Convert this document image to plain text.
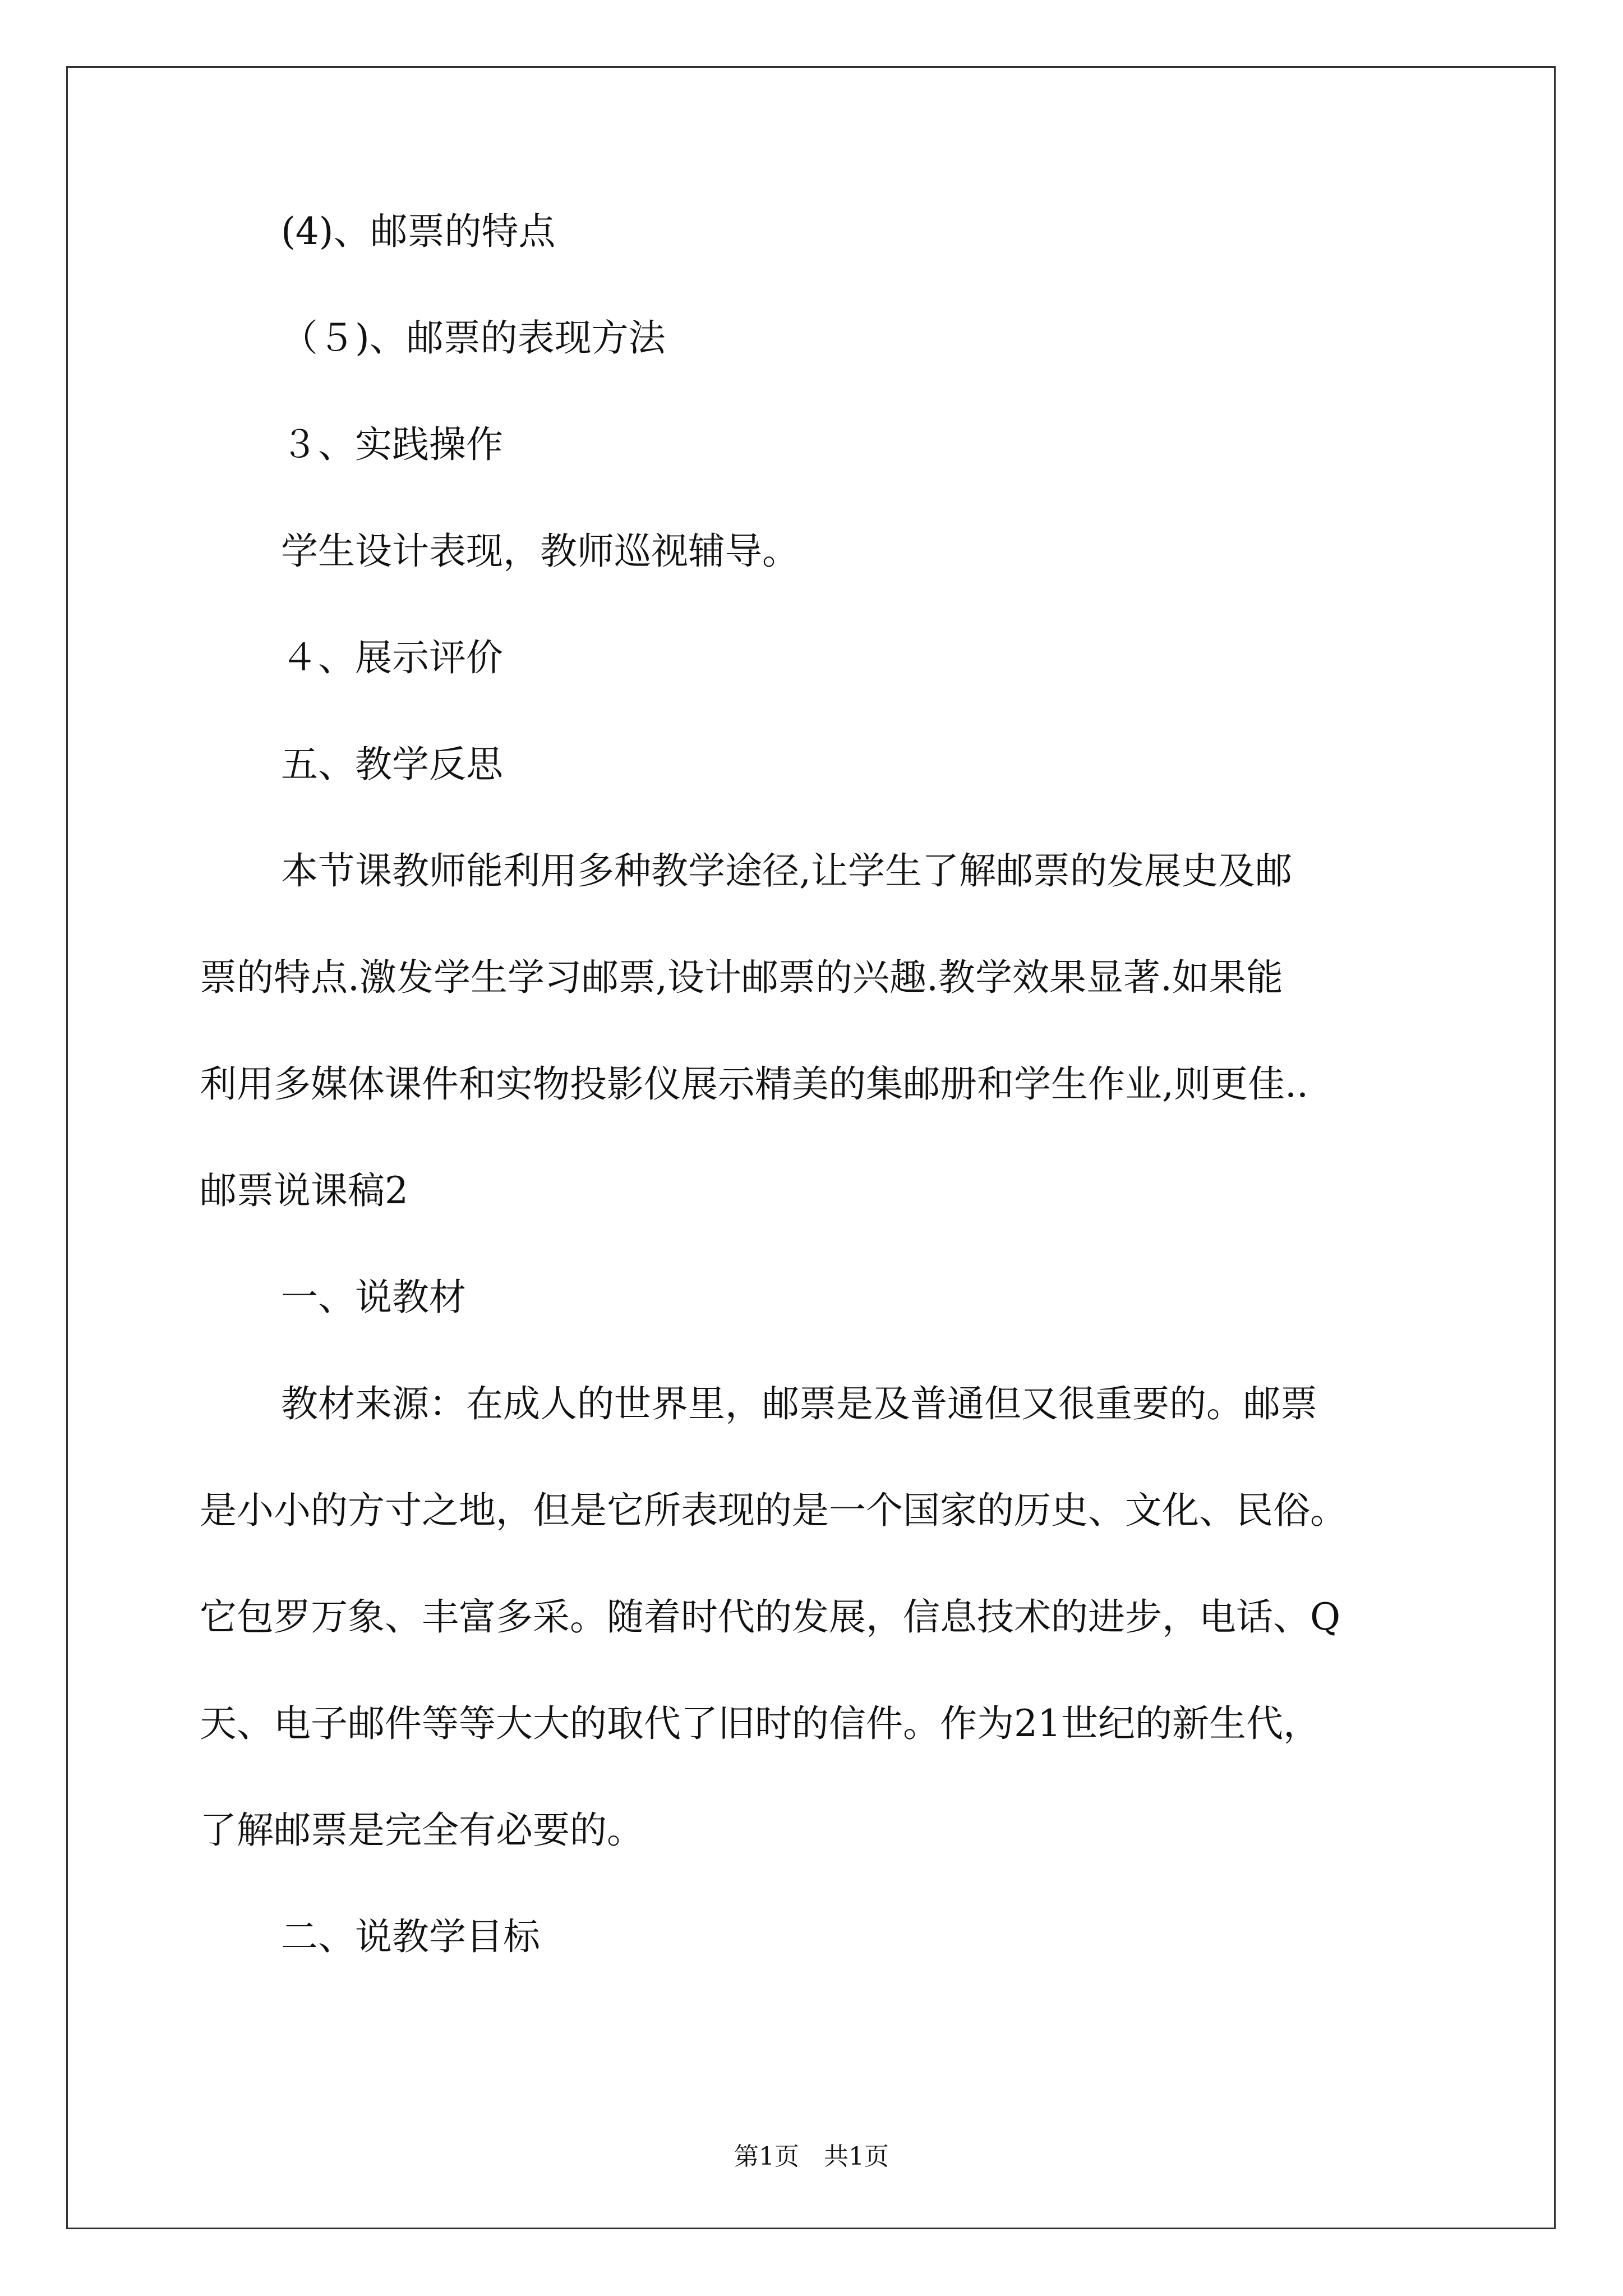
(4)、邮票的特点
（５)、邮票的表现方法
３、实践操作
学生设计表现，教师巡视辅导。
４、展示评价
五、教学反思
本节课教师能利用多种教学途径,让学生了解邮票的发展史及邮
票的特点.激发学生学习邮票,设计邮票的兴趣.教学效果显著.如果能
利用多媒体课件和实物投影仪展示精美的集邮册和学生作业,则更佳..
邮票说课稿2
一、说教材
教材来源：在成人的世界里，邮票是及普通但又很重要的。邮票
是小小的方寸之地，但是它所表现的是一个国家的历史、文化、民俗。
它包罗万象、丰富多采。随着时代的发展，信息技术的进步，电话、Q
天、电子邮件等等大大的取代了旧时的信件。作为21世纪的新生代，
了解邮票是完全有必要的。
二、说教学目标
第1页　共1页
